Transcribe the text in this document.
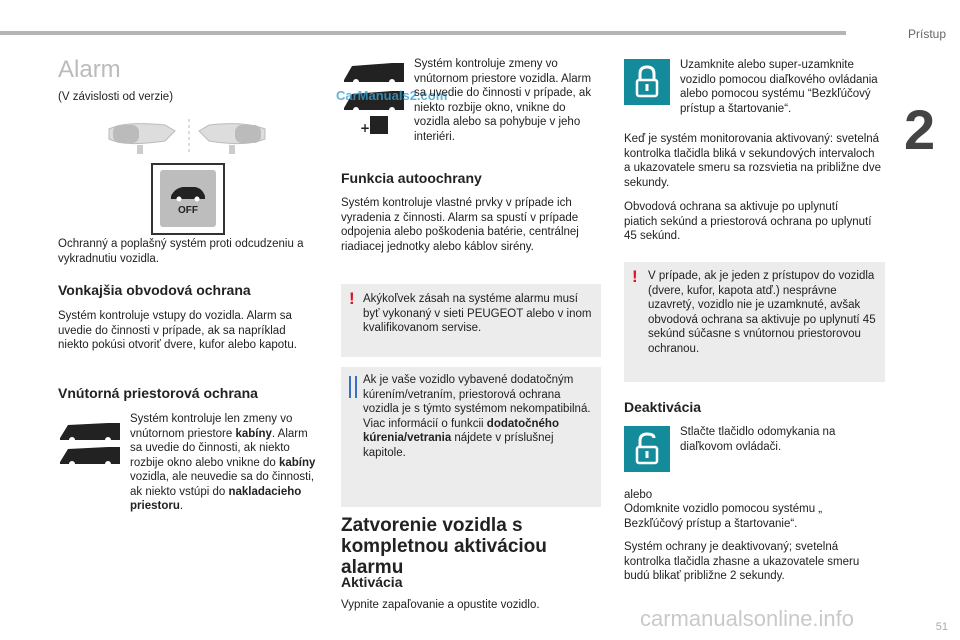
Prístup
2
51
Alarm

(V závislosti od verzie)

OFF

Ochranný a poplašný systém proti odcudzeniu a vykradnutiu vozidla.

Vonkajšia obvodová ochrana

Systém kontroluje vstupy do vozidla. Alarm sa uvedie do činnosti v prípade, ak sa napríklad niekto pokúsi otvoriť dvere, kufor alebo kapotu.

Vnútorná priestorová ochrana

Systém kontroluje len zmeny vo vnútornom priestore kabíny. Alarm sa uvedie do činnosti, ak niekto rozbije okno alebo vnikne do kabíny vozidla, ale neuvedie sa do činnosti, ak niekto vstúpi do nakladacieho priestoru.

+
CarManuals2.com

Systém kontroluje zmeny vo vnútornom priestore vozidla. Alarm sa uvedie do činnosti v prípade, ak niekto rozbije okno, vnikne do vozidla alebo sa pohybuje v jeho interiéri.

Funkcia autoochrany

Systém kontroluje vlastné prvky v prípade ich vyradenia z činnosti. Alarm sa spustí v prípade odpojenia alebo poškodenia batérie, centrálnej riadiacej jednotky alebo káblov sirény.

! Akýkoľvek zásah na systéme alarmu musí byť vykonaný v sieti PEUGEOT alebo v inom kvalifikovanom servise.

Ak je vaše vozidlo vybavené dodatočným kúrením/vetraním, priestorová ochrana vozidla je s týmto systémom nekompatibilná. Viac informácií o funkcii dodatočného kúrenia/vetrania nájdete v príslušnej kapitole.

Zatvorenie vozidla s kompletnou aktiváciou alarmu
Aktivácia

Vypnite zapaľovanie a opustite vozidlo.

Uzamknite alebo super-uzamknite vozidlo pomocou diaľkového ovládania alebo pomocou systému “Bezkľúčový prístup a štartovanie“.

Keď je systém monitorovania aktivovaný: svetelná kontrolka tlačidla bliká v sekundových intervaloch a ukazovatele smeru sa rozsvietia na približne dve sekundy.

Obvodová ochrana sa aktivuje po uplynutí piatich sekúnd a priestorová ochrana po uplynutí 45 sekúnd.

! V prípade, ak je jeden z prístupov do vozidla (dvere, kufor, kapota atď.) nesprávne uzavretý, vozidlo nie je uzamknuté, avšak obvodová ochrana sa aktivuje po uplynutí 45 sekúnd súčasne s vnútornou priestorovou ochranou.

Deaktivácia

Stlačte tlačidlo odomykania na diaľkovom ovládači.

alebo

Odomknite vozidlo pomocou systému „ Bezkľúčový prístup a štartovanie“.

Systém ochrany je deaktivovaný; svetelná kontrolka tlačidla zhasne a ukazovatele smeru budú blikať približne 2 sekundy.

carmanualsonline.info
